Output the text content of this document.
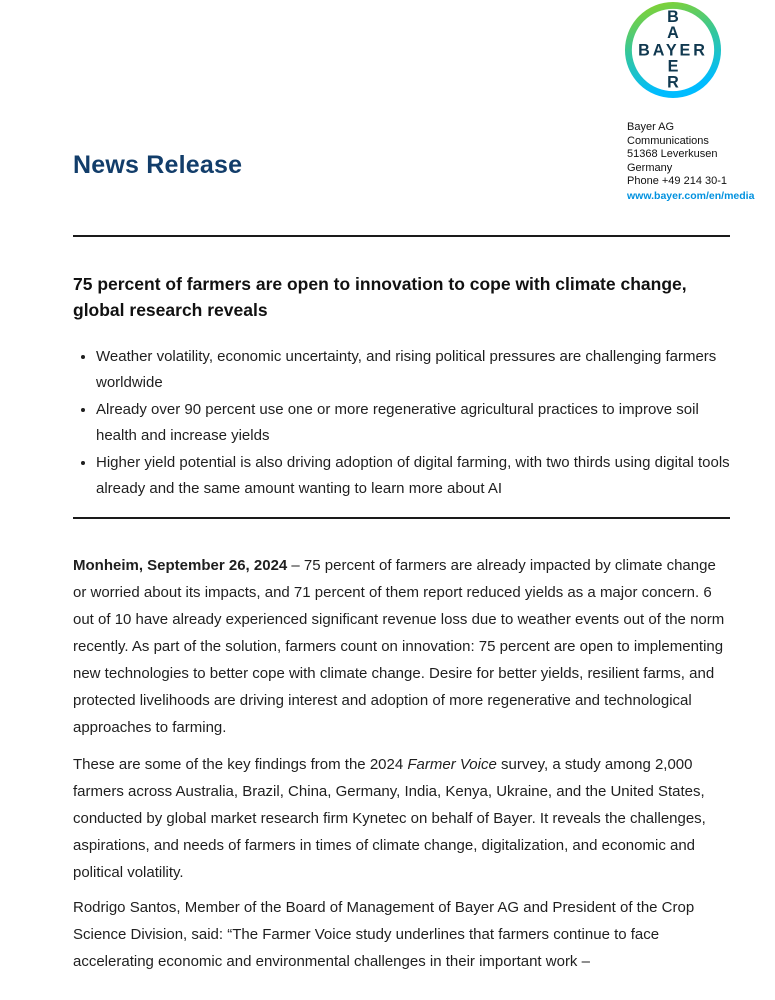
B
A
BAYER
E
R
Bayer AG
Communications
51368 Leverkusen
Germany
Phone +49 214 30-1
www.bayer.com/en/media
News Release
75 percent of farmers are open to innovation to cope with climate change, global research reveals
• Weather volatility, economic uncertainty, and rising political pressures are challenging farmers worldwide
• Already over 90 percent use one or more regenerative agricultural practices to improve soil health and increase yields
• Higher yield potential is also driving adoption of digital farming, with two thirds using digital tools already and the same amount wanting to learn more about AI

Monheim, September 26, 2024 – 75 percent of farmers are already impacted by climate change or worried about its impacts, and 71 percent of them report reduced yields as a major concern. 6 out of 10 have already experienced significant revenue loss due to weather events out of the norm recently. As part of the solution, farmers count on innovation: 75 percent are open to implementing new technologies to better cope with climate change. Desire for better yields, resilient farms, and protected livelihoods are driving interest and adoption of more regenerative and technological approaches to farming.

These are some of the key findings from the 2024 Farmer Voice survey, a study among 2,000 farmers across Australia, Brazil, China, Germany, India, Kenya, Ukraine, and the United States, conducted by global market research firm Kynetec on behalf of Bayer. It reveals the challenges, aspirations, and needs of farmers in times of climate change, digitalization, and economic and political volatility.

Rodrigo Santos, Member of the Board of Management of Bayer AG and President of the Crop Science Division, said: “The Farmer Voice study underlines that farmers continue to face accelerating economic and environmental challenges in their important work –
